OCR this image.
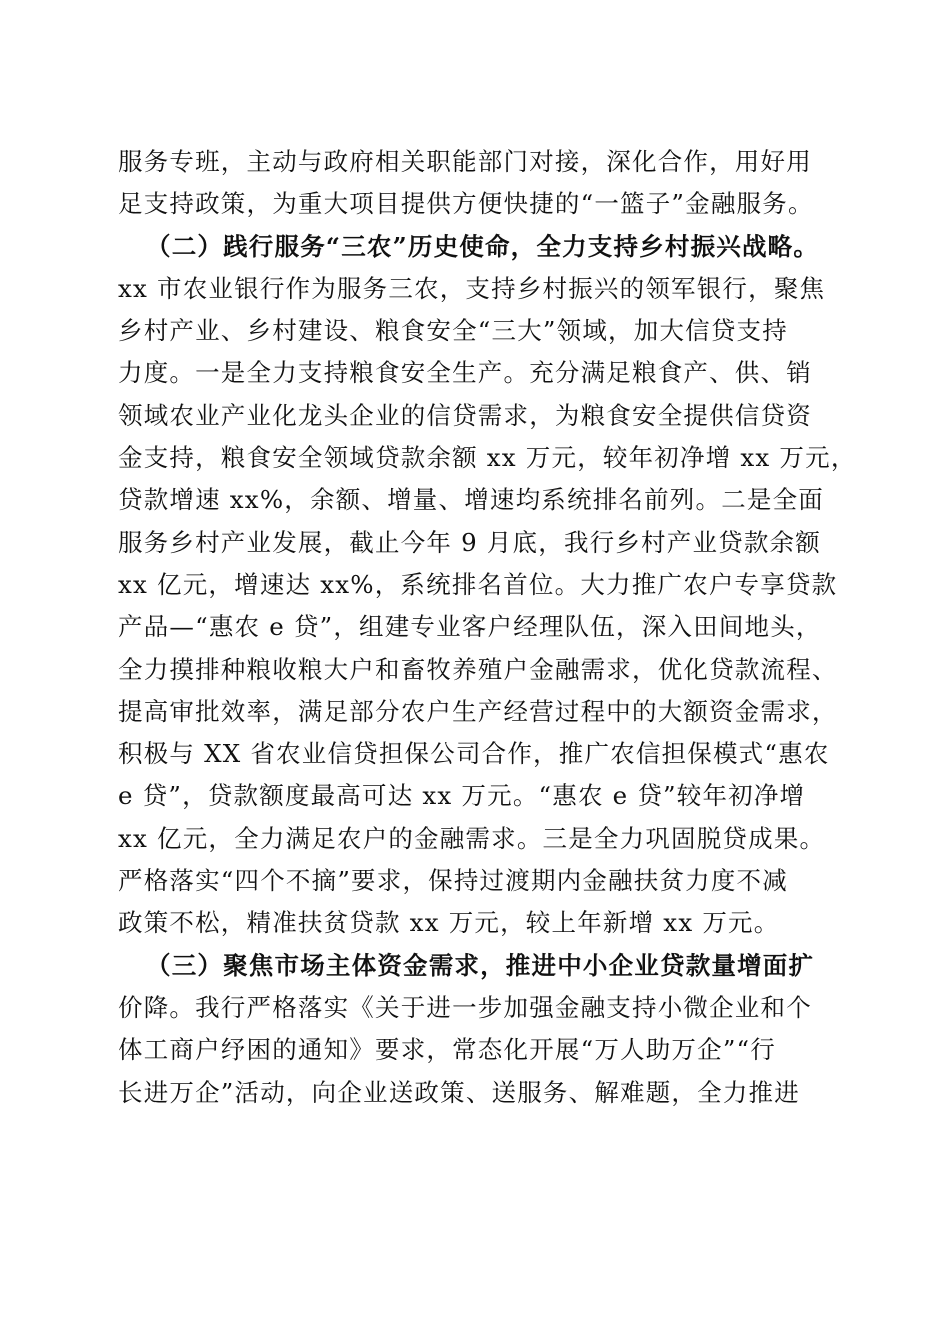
服务专班，主动与政府相关职能部门对接，深化合作，用好用
足支持政策，为重大项目提供方便快捷的“一篮子”金融服务。
（二）践行服务“三农”历史使命，全力支持乡村振兴战略。
xx 市农业银行作为服务三农，支持乡村振兴的领军银行，聚焦
乡村产业、乡村建设、粮食安全“三大”领域，加大信贷支持
力度。一是全力支持粮食安全生产。充分满足粮食产、供、销
领域农业产业化龙头企业的信贷需求，为粮食安全提供信贷资
金支持，粮食安全领域贷款余额 xx 万元，较年初净增 xx 万元，
贷款增速 xx%，余额、增量、增速均系统排名前列。二是全面
服务乡村产业发展，截止今年 9 月底，我行乡村产业贷款余额
xx 亿元，增速达 xx%，系统排名首位。大力推广农户专享贷款
产品—“惠农 e 贷”，组建专业客户经理队伍，深入田间地头，
全力摸排种粮收粮大户和畜牧养殖户金融需求，优化贷款流程、
提高审批效率，满足部分农户生产经营过程中的大额资金需求，
积极与 XX 省农业信贷担保公司合作，推广农信担保模式“惠农
e 贷”，贷款额度最高可达 xx 万元。“惠农 e 贷”较年初净增
xx 亿元，全力满足农户的金融需求。三是全力巩固脱贷成果。
严格落实“四个不摘”要求，保持过渡期内金融扶贫力度不减
政策不松，精准扶贫贷款 xx 万元，较上年新增 xx 万元。
（三）聚焦市场主体资金需求，推进中小企业贷款量增面扩
价降。我行严格落实《关于进一步加强金融支持小微企业和个
体工商户纾困的通知》要求，常态化开展“万人助万企”“行
长进万企”活动，向企业送政策、送服务、解难题，全力推进
